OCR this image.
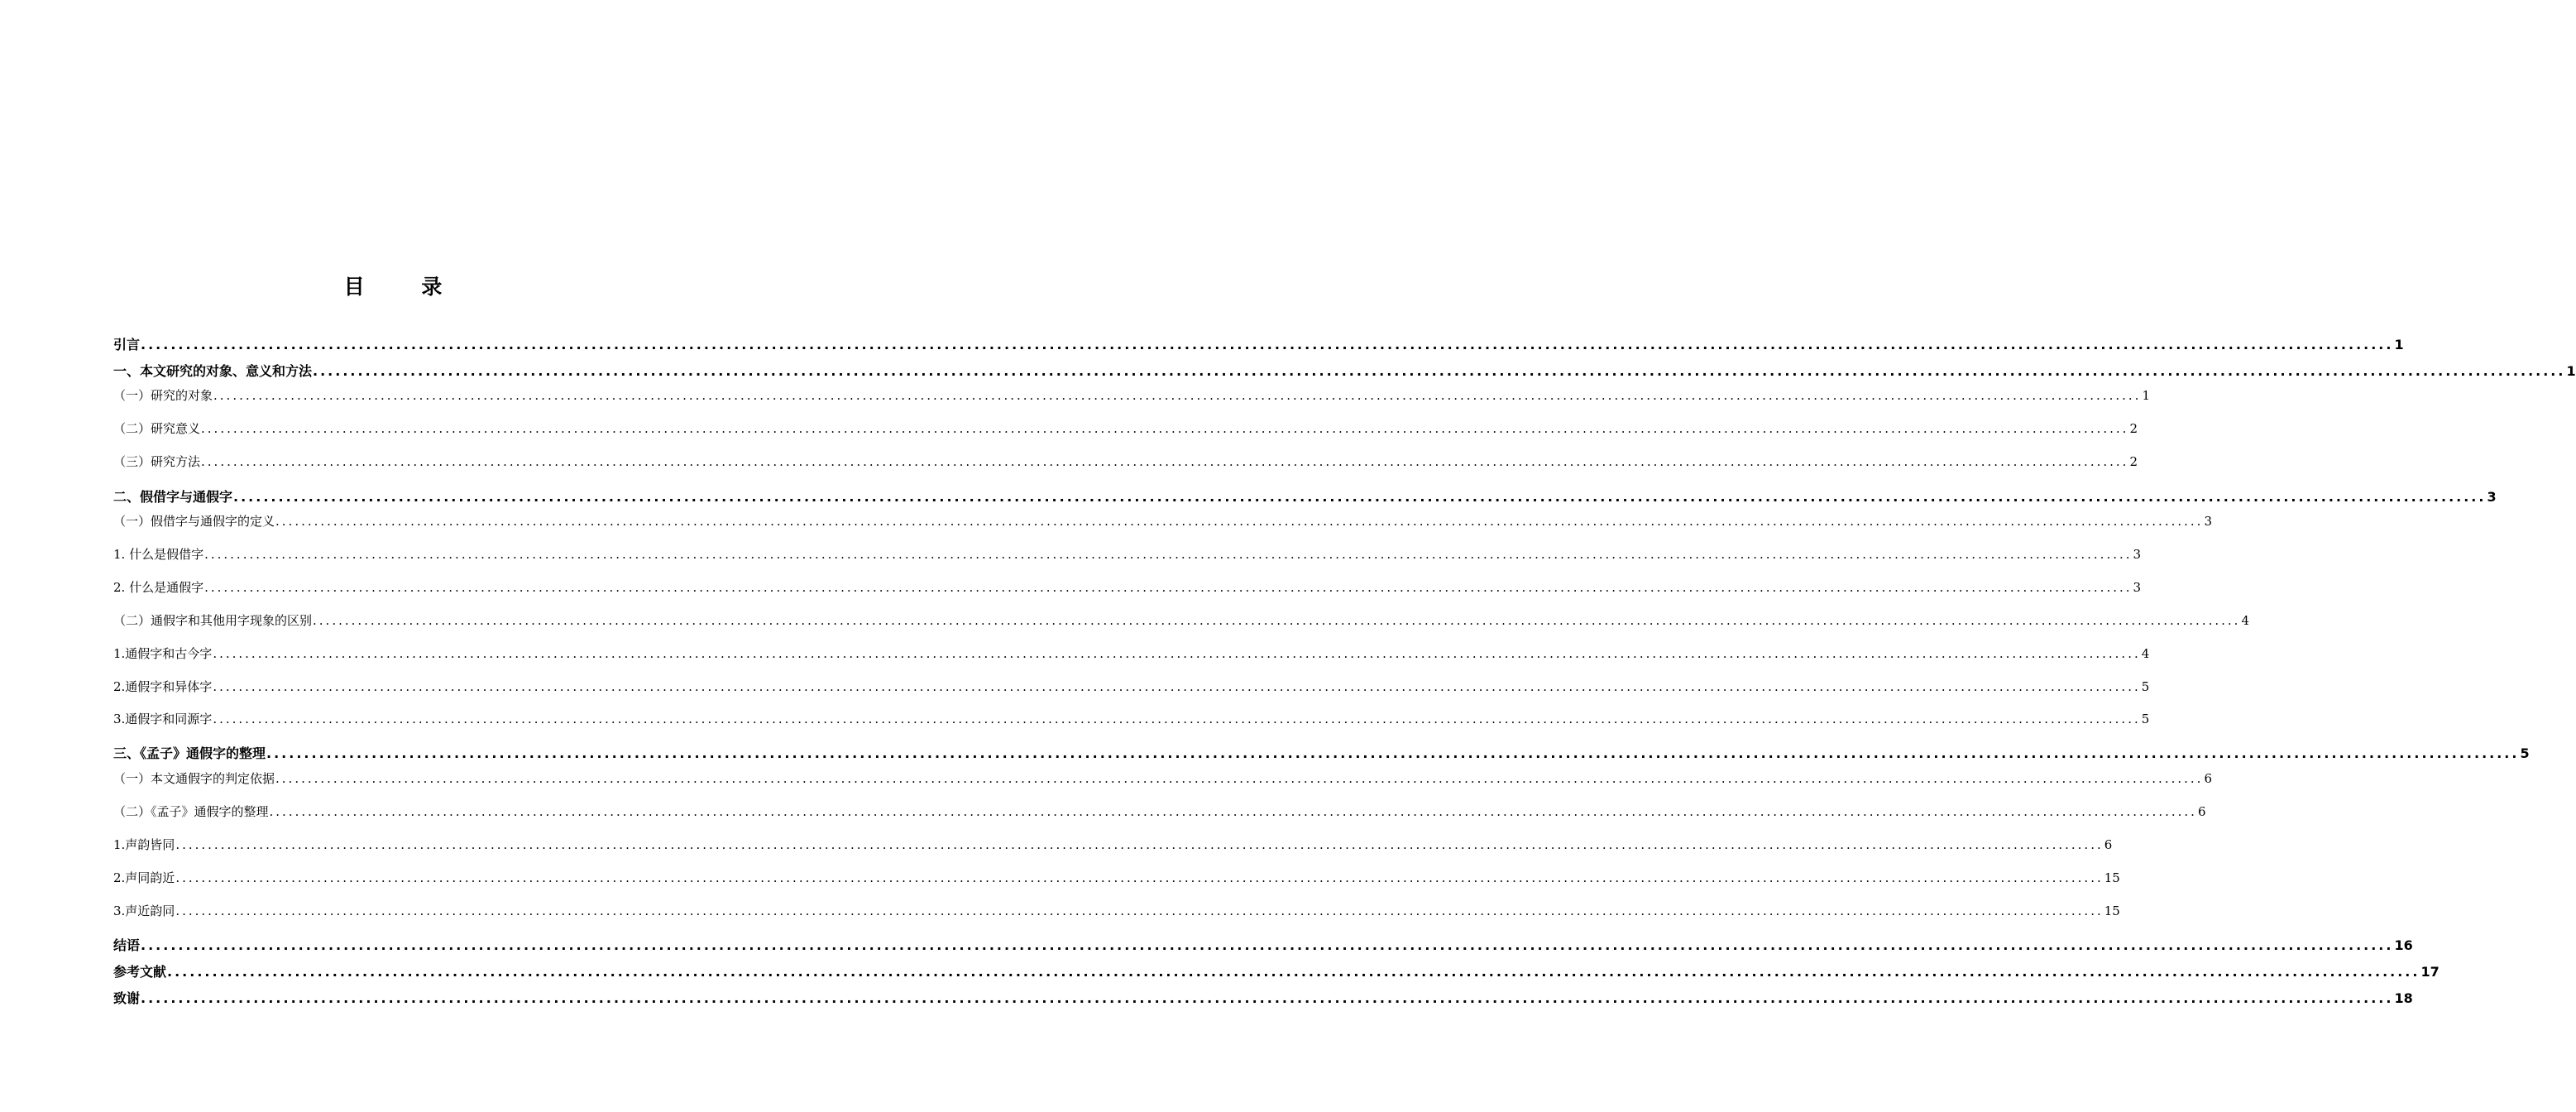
目 录
引言 ............................................................................................................................................................................................................................................................................................................ 1
一、本文研究的对象、意义和方法 ............................................................................................................................................................................................................................................................................................................ 1
（一）研究的对象 ............................................................................................................................................................................................................................................................................................................ 1
（二）研究意义 ............................................................................................................................................................................................................................................................................................................ 2
（三）研究方法 ............................................................................................................................................................................................................................................................................................................ 2
二、假借字与通假字 ............................................................................................................................................................................................................................................................................................................ 3
（一）假借字与通假字的定义 ............................................................................................................................................................................................................................................................................................................ 3
1. 什么是假借字 ............................................................................................................................................................................................................................................................................................................ 3
2. 什么是通假字 ............................................................................................................................................................................................................................................................................................................ 3
（二）通假字和其他用字现象的区别 ............................................................................................................................................................................................................................................................................................................ 4
1.通假字和古今字 ............................................................................................................................................................................................................................................................................................................ 4
2.通假字和异体字 ............................................................................................................................................................................................................................................................................................................ 5
3.通假字和同源字 ............................................................................................................................................................................................................................................................................................................ 5
三、《孟子》通假字的整理 ............................................................................................................................................................................................................................................................................................................ 5
（一）本文通假字的判定依据 ............................................................................................................................................................................................................................................................................................................ 6
（二）《孟子》通假字的整理 ............................................................................................................................................................................................................................................................................................................ 6
1.声韵皆同 ............................................................................................................................................................................................................................................................................................................ 6
2.声同韵近 ............................................................................................................................................................................................................................................................................................................ 15
3.声近韵同 ............................................................................................................................................................................................................................................................................................................ 15
结语 ............................................................................................................................................................................................................................................................................................................ 16
参考文献 ............................................................................................................................................................................................................................................................................................................ 17
致谢 ............................................................................................................................................................................................................................................................................................................ 18
